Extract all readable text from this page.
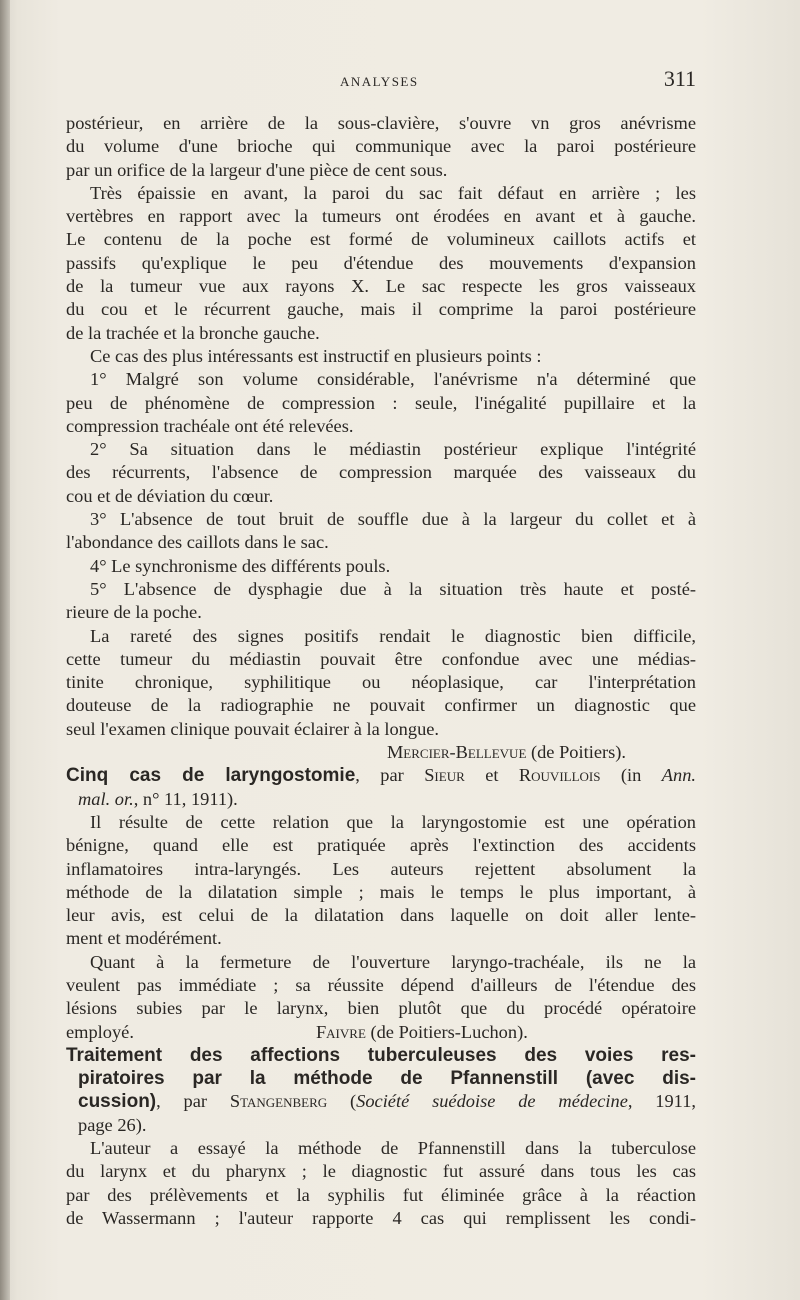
ANALYSES	311
postérieur, en arrière de la sous-clavière, s'ouvre vn gros anévrisme
du volume d'une brioche qui communique avec la paroi postérieure
par un orifice de la largeur d'une pièce de cent sous.
Très épaissie en avant, la paroi du sac fait défaut en arrière ; les
vertèbres en rapport avec la tumeurs ont érodées en avant et à gauche.
Le contenu de la poche est formé de volumineux caillots actifs et
passifs qu'explique le peu d'étendue des mouvements d'expansion
de la tumeur vue aux rayons X. Le sac respecte les gros vaisseaux
du cou et le récurrent gauche, mais il comprime la paroi postérieure
de la trachée et la bronche gauche.
Ce cas des plus intéressants est instructif en plusieurs points :
1° Malgré son volume considérable, l'anévrisme n'a déterminé que
peu de phénomène de compression : seule, l'inégalité pupillaire et la
compression trachéale ont été relevées.
2° Sa situation dans le médiastin postérieur explique l'intégrité
des récurrents, l'absence de compression marquée des vaisseaux du
cou et de déviation du cœur.
3° L'absence de tout bruit de souffle due à la largeur du collet et à
l'abondance des caillots dans le sac.
4° Le synchronisme des différents pouls.
5° L'absence de dysphagie due à la situation très haute et posté-
rieure de la poche.
La rareté des signes positifs rendait le diagnostic bien difficile,
cette tumeur du médiastin pouvait être confondue avec une médias-
tinite chronique, syphilitique ou néoplasique, car l'interprétation
douteuse de la radiographie ne pouvait confirmer un diagnostic que
seul l'examen clinique pouvait éclairer à la longue.
Mercier-Bellevue (de Poitiers).
Cinq cas de laryngostomie, par Sieur et Rouvillois (in Ann.
mal. or., n° 11, 1911).
Il résulte de cette relation que la laryngostomie est une opération
bénigne, quand elle est pratiquée après l'extinction des accidents
inflamatoires intra-laryngés. Les auteurs rejettent absolument la
méthode de la dilatation simple ; mais le temps le plus important, à
leur avis, est celui de la dilatation dans laquelle on doit aller lente-
ment et modérément.
Quant à la fermeture de l'ouverture laryngo-trachéale, ils ne la
veulent pas immédiate ; sa réussite dépend d'ailleurs de l'étendue des
lésions subies par le larynx, bien plutôt que du procédé opératoire
employé.	Faivre (de Poitiers-Luchon).
Traitement des affections tuberculeuses des voies res-
piratoires par la méthode de Pfannenstill (avec dis-
cussion), par Stangenberg (Société suédoise de médecine, 1911,
page 26).
L'auteur a essayé la méthode de Pfannenstill dans la tuberculose
du larynx et du pharynx ; le diagnostic fut assuré dans tous les cas
par des prélèvements et la syphilis fut éliminée grâce à la réaction
de Wassermann ; l'auteur rapporte 4 cas qui remplissent les condi-
